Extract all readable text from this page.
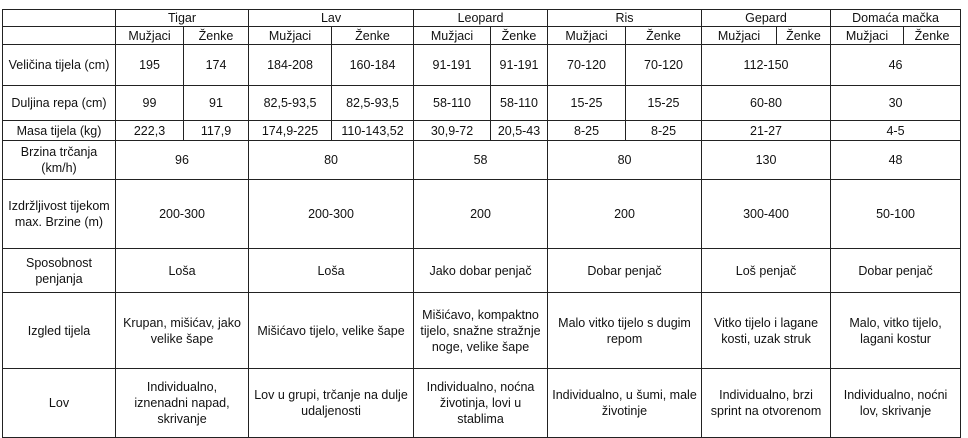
	Tigar		Lav		Leopard		Ris		Gepard		Domaća mačka	
	Mužjaci	Ženke	Mužjaci	Ženke	Mužjaci	Ženke	Mužjaci	Ženke	Mužjaci	Ženke	Mužjaci	Ženke
Veličina tijela (cm)	195	174	184-208	160-184	91-191	91-191	70-120	70-120	112-150		46	
Duljina repa (cm)	99	91	82,5-93,5	82,5-93,5	58-110	58-110	15-25	15-25	60-80		30	
Masa tijela (kg)	222,3	117,9	174,9-225	110-143,52	30,9-72	20,5-43	8-25	8-25	21-27		4-5	
Brzina trčanja (km/h)	96		80		58		80		130		48	
Izdržljivost tijekom max. Brzine (m)	200-300		200-300		200		200		300-400		50-100	
Sposobnost penjanja	Loša		Loša		Jako dobar penjač		Dobar penjač		Loš penjač		Dobar penjač	
Izgled tijela	Krupan, mišićav, jako velike šape		Mišićavo tijelo, velike šape		Mišićavo, kompaktno tijelo, snažne stražnje noge, velike šape		Malo vitko tijelo s dugim repom		Vitko tijelo i lagane kosti, uzak struk		Malo, vitko tijelo, lagani kostur	
Lov	Individualno, iznenadni napad, skrivanje		Lov u grupi, trčanje na dulje udaljenosti		Individualno, noćna životinja, lovi u stablima		Individualno, u šumi, male životinje		Individualno, brzi sprint na otvorenom		Individualno, noćni lov, skrivanje	
